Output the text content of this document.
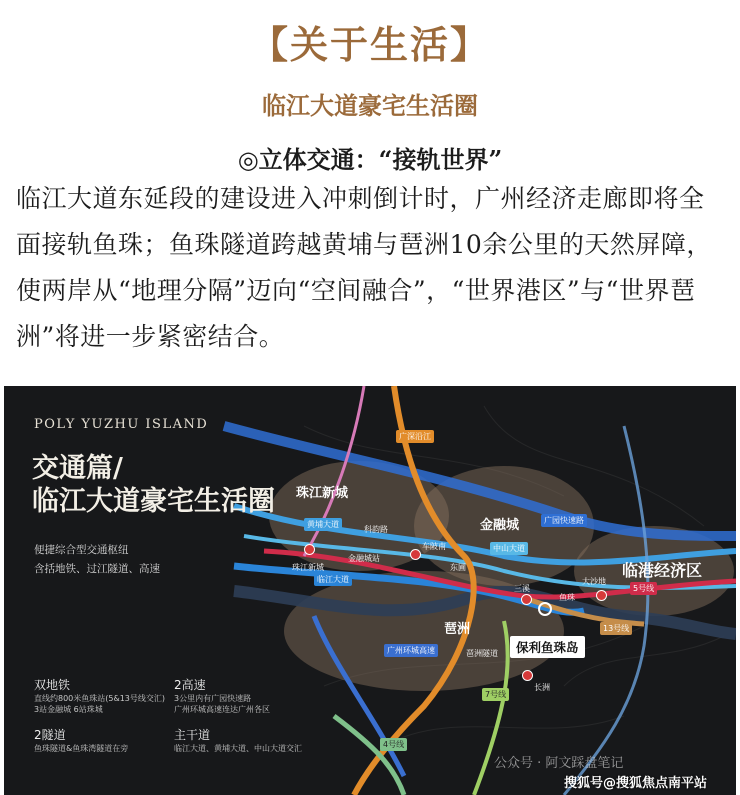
【关于生活】
临江大道豪宅生活圈
◎立体交通：“接轨世界”
临江大道东延段的建设进入冲刺倒计时，广州经济走廊即将全面接轨鱼珠；鱼珠隧道跨越黄埔与琶洲10余公里的天然屏障，使两岸从“地理分隔”迈向“空间融合”，“世界港区”与“世界琶洲”将进一步紧密结合。
POLY YUZHU ISLAND
交通篇/
临江大道豪宅生活圈
便捷综合型交通枢纽
含括地铁、过江隧道、高速
双地铁
直线约800米鱼珠站(5&13号线交汇)
3站金融城 6站珠城
2高速
3公里内有广园快速路
广州环城高速连达广州各区
2隧道
鱼珠隧道&鱼珠湾隧道在旁
主干道
临江大道、黄埔大道、中山大道交汇
珠江新城
金融城
琶洲
临港经济区
保利鱼珠岛
科韵路
金融城站
车陂南
东圃
珠江新城
三溪
鱼珠
大沙地
长洲
琶洲隧道
黄埔大道
中山大道
临江大道
广园快速路
5号线
13号线
7号线
4号线
广深沿江
广州环城高速
公众号 · 阿文踩盘笔记
搜狐号@搜狐焦点南平站
